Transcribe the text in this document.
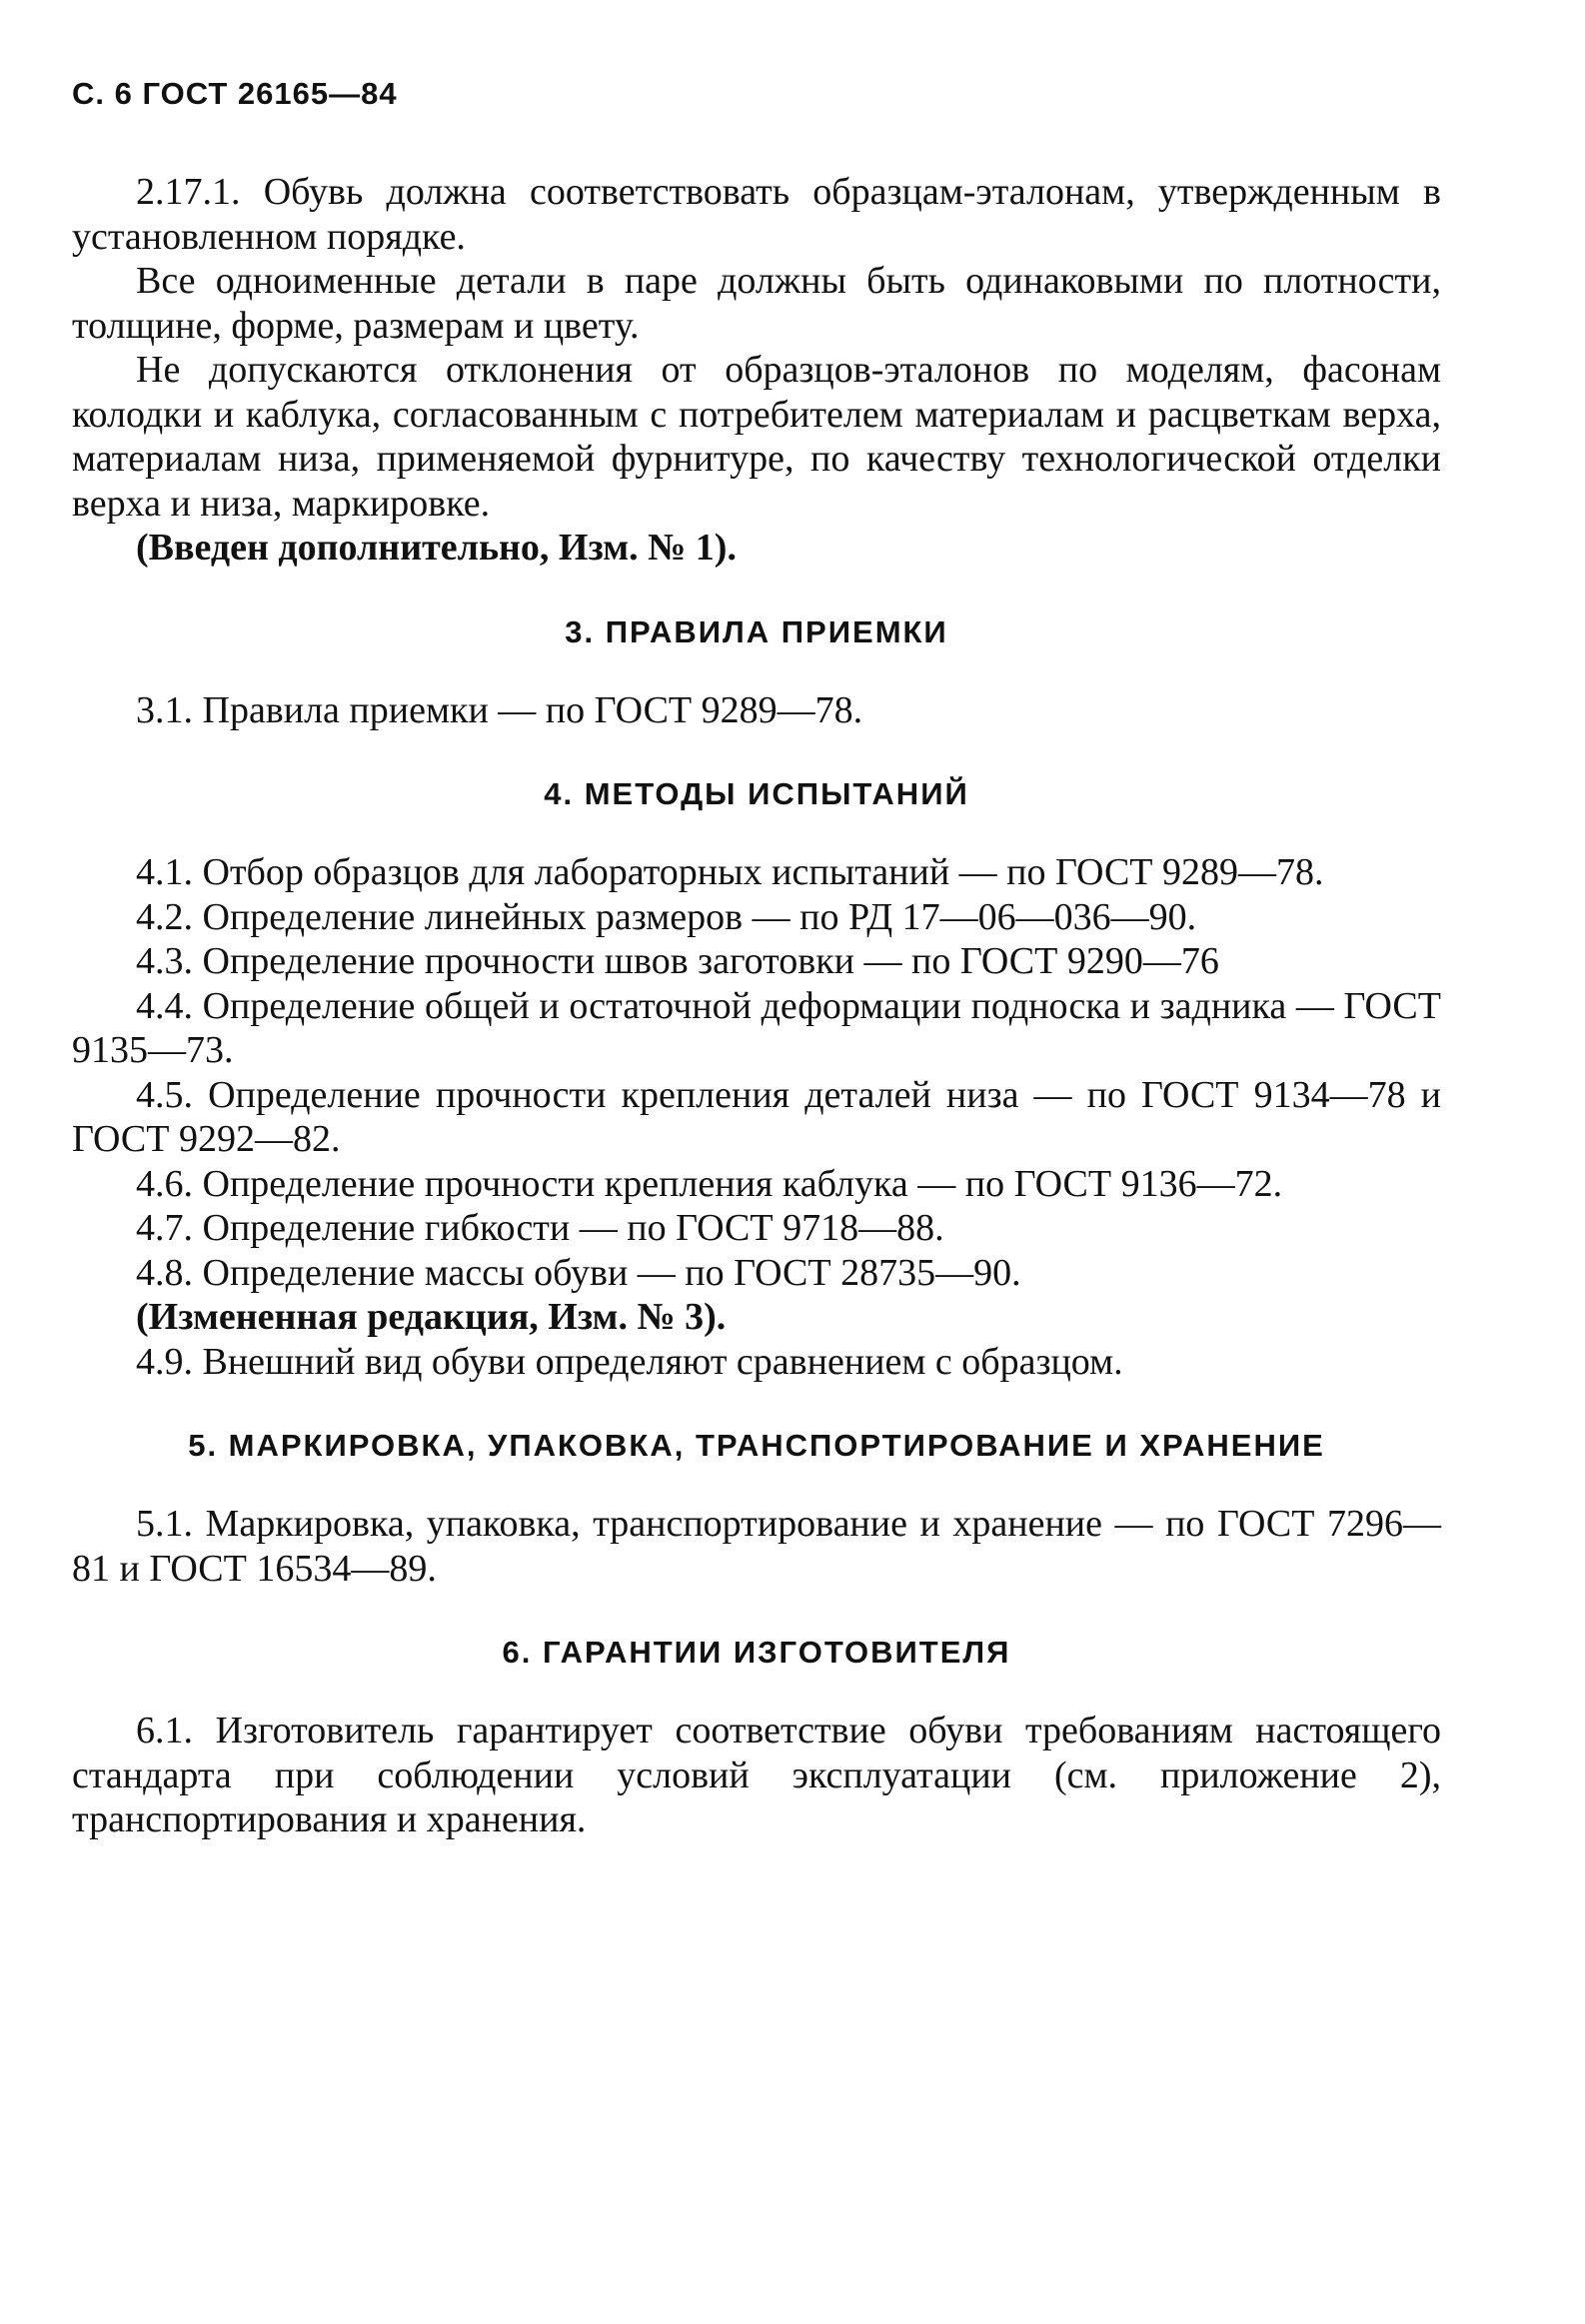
С. 6 ГОСТ 26165—84

2.17.1. Обувь должна соответствовать образцам-эталонам, утвержденным в установленном порядке.

Все одноименные детали в паре должны быть одинаковыми по плотности, толщине, форме, размерам и цвету.

Не допускаются отклонения от образцов-эталонов по моделям, фасонам колодки и каблука, согласованным с потребителем материалам и расцветкам верха, материалам низа, применяемой фурнитуре, по качеству технологической отделки верха и низа, маркировке.

(Введен дополнительно, Изм. № 1).

3. ПРАВИЛА ПРИЕМКИ

3.1. Правила приемки — по ГОСТ 9289—78.

4. МЕТОДЫ ИСПЫТАНИЙ

4.1. Отбор образцов для лабораторных испытаний — по ГОСТ 9289—78.

4.2. Определение линейных размеров — по РД 17—06—036—90.

4.3. Определение прочности швов заготовки — по ГОСТ 9290—76

4.4. Определение общей и остаточной деформации подноска и задника — ГОСТ 9135—73.

4.5. Определение прочности крепления деталей низа — по ГОСТ 9134—78 и ГОСТ 9292—82.

4.6. Определение прочности крепления каблука — по ГОСТ 9136—72.

4.7. Определение гибкости — по ГОСТ 9718—88.

4.8. Определение массы обуви — по ГОСТ 28735—90.

(Измененная редакция, Изм. № 3).

4.9. Внешний вид обуви определяют сравнением с образцом.

5. МАРКИРОВКА, УПАКОВКА, ТРАНСПОРТИРОВАНИЕ И ХРАНЕНИЕ

5.1. Маркировка, упаковка, транспортирование и хранение — по ГОСТ 7296—81 и ГОСТ 16534—89.

6. ГАРАНТИИ ИЗГОТОВИТЕЛЯ

6.1. Изготовитель гарантирует соответствие обуви требованиям настоящего стандарта при соблюдении условий эксплуатации (см. приложение 2), транспортирования и хранения.
